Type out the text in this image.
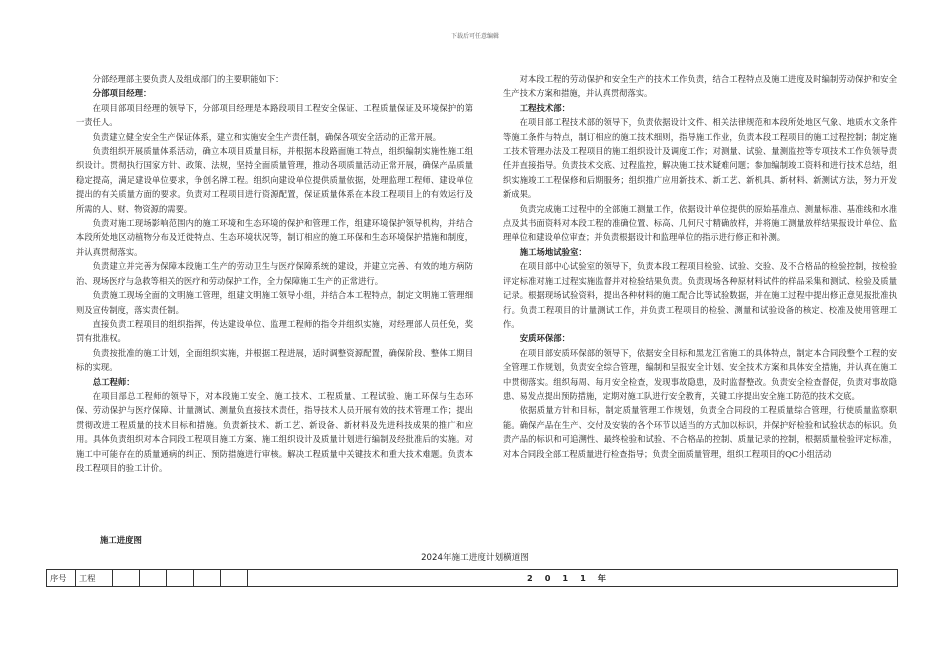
下载后可任意编辑

分部经理部主要负责人及组成部门的主要职能如下：

分部项目经理：

在项目部项目经理的领导下，分部项目经理是本路段项目工程安全保证、工程质量保证及环境保护的第一责任人。

负责建立健全安全生产保证体系，建立和实施安全生产责任制，确保各项安全活动的正常开展。

负责组织开展质量体系活动，确立本项目质量目标，并根据本段路面施工特点，组织编制实施性施工组织设计。贯彻执行国家方针、政策、法规，坚持全面质量管理，推动各项质量活动正常开展，确保产品质量稳定提高，满足建设单位要求，争创名牌工程。组织向建设单位提供质量依据，处理监理工程师、建设单位提出的有关质量方面的要求。负责对工程项目进行资源配置，保证质量体系在本段工程项目上的有效运行及所需的人、财、物资源的需要。

负责对施工现场影响范围内的施工环境和生态环境的保护和管理工作，组建环境保护领导机构，并结合本段所处地区动植物分布及迁徙特点、生态环境状况等，制订相应的施工环保和生态环境保护措施和制度，并认真贯彻落实。

负责建立并完善为保障本段施工生产的劳动卫生与医疗保障系统的建设，并建立完善、有效的地方病防治、现场医疗与急救等相关的医疗和劳动保护工作，全力保障施工生产的正常进行。

负责施工现场全面的文明施工管理，组建文明施工领导小组，并结合本工程特点，制定文明施工管理细则及宣传制度，落实责任制。

直接负责工程项目的组织指挥，传达建设单位、监理工程师的指令并组织实施，对经理部人员任免，奖罚有批准权。

负责按批准的施工计划，全面组织实施，并根据工程进展，适时调整资源配置，确保阶段、整体工期目标的实现。

总工程师：

在项目部总工程师的领导下，对本段施工安全、施工技术、工程质量、工程试验、施工环保与生态环保、劳动保护与医疗保障、计量测试、测量负直接技术责任，指导技术人员开展有效的技术管理工作；提出贯彻改进工程质量的技术目标和措施。负责新技术、新工艺、新设备、新材料及先进科技成果的推广和应用。具体负责组织对本合同段工程项目施工方案、施工组织设计及质量计划进行编制及经批准后的实施。对施工中可能存在的质量通病的纠正、预防措施进行审核。解决工程质量中关键技术和重大技术难题。负责本段工程项目的验工计价。

对本段工程的劳动保护和安全生产的技术工作负责，结合工程特点及施工进度及时编制劳动保护和安全生产技术方案和措施，并认真贯彻落实。

工程技术部：

在项目部工程技术部的领导下，负责依据设计文件、相关法律规范和本段所处地区气象、地质水文条件等施工条件与特点，制订相应的施工技术细则，指导施工作业，负责本段工程项目的施工过程控制；制定施工技术管理办法及工程项目的施工组织设计及调度工作；对测量、试验、量测监控等专项技术工作负领导责任并直接指导。负责技术交底、过程监控，解决施工技术疑难问题；参加编制竣工资料和进行技术总结，组织实施竣工工程保修和后期服务；组织推广应用新技术、新工艺、新机具、新材料、新测试方法，努力开发新成果。

负责完成施工过程中的全部施工测量工作，依据设计单位提供的原始基准点、测量标准、基准线和水准点及其书面资料对本段工程的准确位置、标高、几何尺寸精确放样，并将施工测量放样结果报设计单位、监理单位和建设单位审查；并负责根据设计和监理单位的指示进行修正和补测。

施工场地试验室：

在项目部中心试验室的领导下，负责本段工程项目检验、试验、交验、及不合格品的检验控制，按检验评定标准对施工过程实施监督并对检验结果负责。负责现场各种原材料试件的样品采集和测试、检验及质量记录。根据现场试验资料，提出各种材料的施工配合比等试验数据，并在施工过程中提出修正意见报批准执行。负责工程项目的计量测试工作，并负责工程项目的检验、测量和试验设备的核定、校准及使用管理工作。

安质环保部：

在项目部安质环保部的领导下，依据安全目标和黑龙江省施工的具体特点，制定本合同段整个工程的安全管理工作规划，负责安全综合管理，编制和呈报安全计划、安全技术方案和具体安全措施，并认真在施工中贯彻落实。组织每周、每月安全检查，发现事故隐患，及时监督整改。负责安全检查督促，负责对事故隐患、易发点提出预防措施，定期对施工队进行安全教育，关键工序提出安全施工防范的技术交底。

依据质量方针和目标，制定质量管理工作规划，负责全合同段的工程质量综合管理，行使质量监察职能。确保产品在生产、交付及安装的各个环节以适当的方式加以标识，并保护好检验和试验状态的标识。负责产品的标识和可追溯性、最终检验和试验、不合格品的控制、质量记录的控制，根据质量检验评定标准，对本合同段全部工程质量进行检查指导；负责全面质量管理，组织工程项目的QC小组活动

施工进度图
2024年施工进度计划横道图
序号	工程						2011年
